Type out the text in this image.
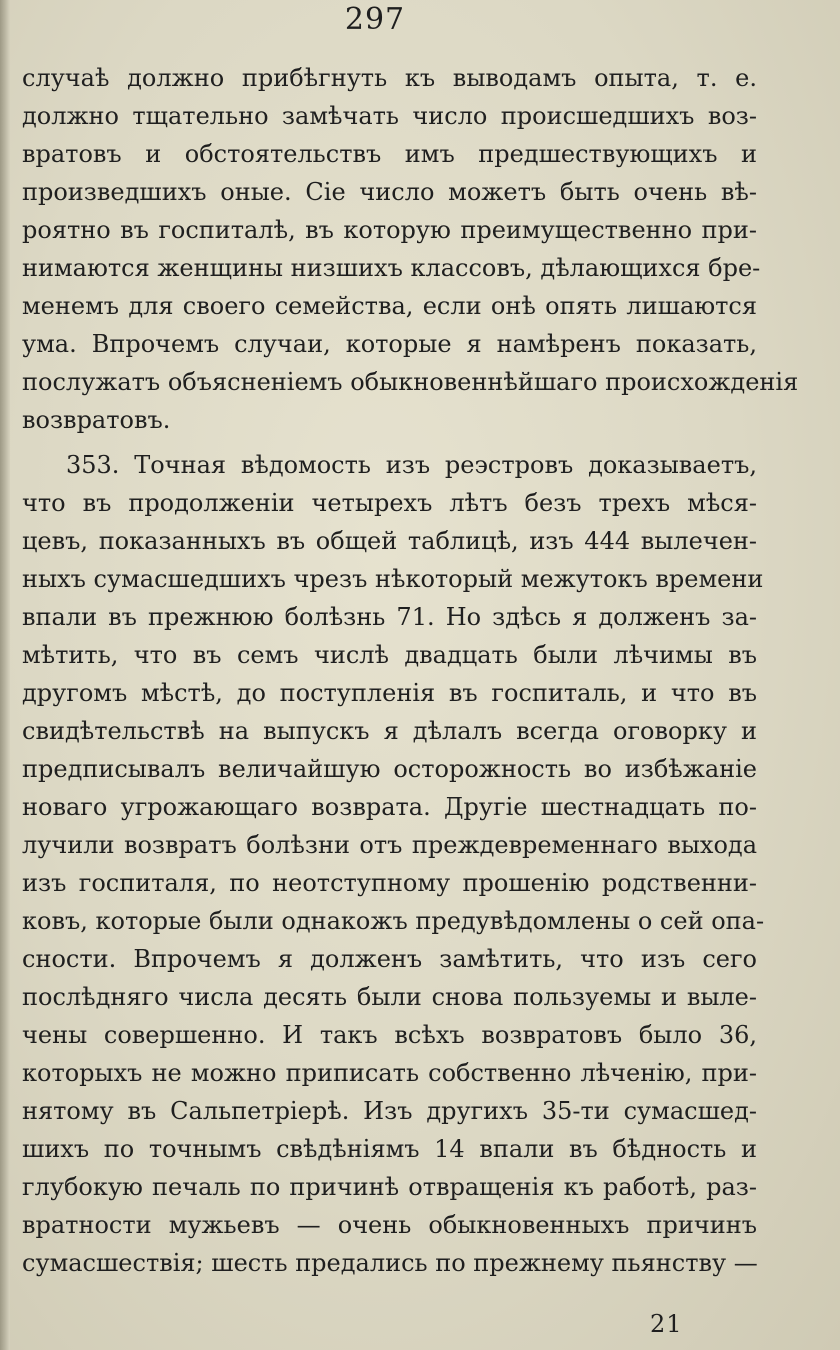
297
случаѣ должно прибѣгнуть къ выводамъ опыта, т. е.
должно тщательно замѣчать число происшедшихъ воз-
вратовъ и обстоятельствъ имъ предшествующихъ и
произведшихъ оные. Сіе число можетъ быть очень вѣ-
роятно въ госпиталѣ, въ которую преимущественно при-
нимаются женщины низшихъ классовъ, дѣлающихся бре-
менемъ для своего семейства, если онѣ опять лишаются
ума. Впрочемъ случаи, которые я намѣренъ показать,
послужатъ объясненіемъ обыкновеннѣйшаго происхожденія
возвратовъ.
353. Точная вѣдомость изъ реэстровъ доказываетъ,
что въ продолженіи четырехъ лѣтъ безъ трехъ мѣся-
цевъ, показанныхъ въ общей таблицѣ, изъ 444 вылечен-
ныхъ сумасшедшихъ чрезъ нѣкоторый межутокъ времени
впали въ прежнюю болѣзнь 71. Но здѣсь я долженъ за-
мѣтить, что въ семъ числѣ двадцать были лѣчимы въ
другомъ мѣстѣ, до поступленія въ госпиталь, и что въ
свидѣтельствѣ на выпускъ я дѣлалъ всегда оговорку и
предписывалъ величайшую осторожность во избѣжаніе
новаго угрожающаго возврата. Другіе шестнадцать по-
лучили возвратъ болѣзни отъ преждевременнаго выхода
изъ госпиталя, по неотступному прошенію родственни-
ковъ, которые были однакожъ предувѣдомлены о сей опа-
сности. Впрочемъ я долженъ замѣтить, что изъ сего
послѣдняго числа десять были снова пользуемы и выле-
чены совершенно. И такъ всѣхъ возвратовъ было 36,
которыхъ не можно приписать собственно лѣченію, при-
нятому въ Сальпетріерѣ. Изъ другихъ 35-ти сумасшед-
шихъ по точнымъ свѣдѣніямъ 14 впали въ бѣдность и
глубокую печаль по причинѣ отвращенія къ работѣ, раз-
вратности мужьевъ — очень обыкновенныхъ причинъ
сумасшествія; шесть предались по прежнему пьянству —
21
